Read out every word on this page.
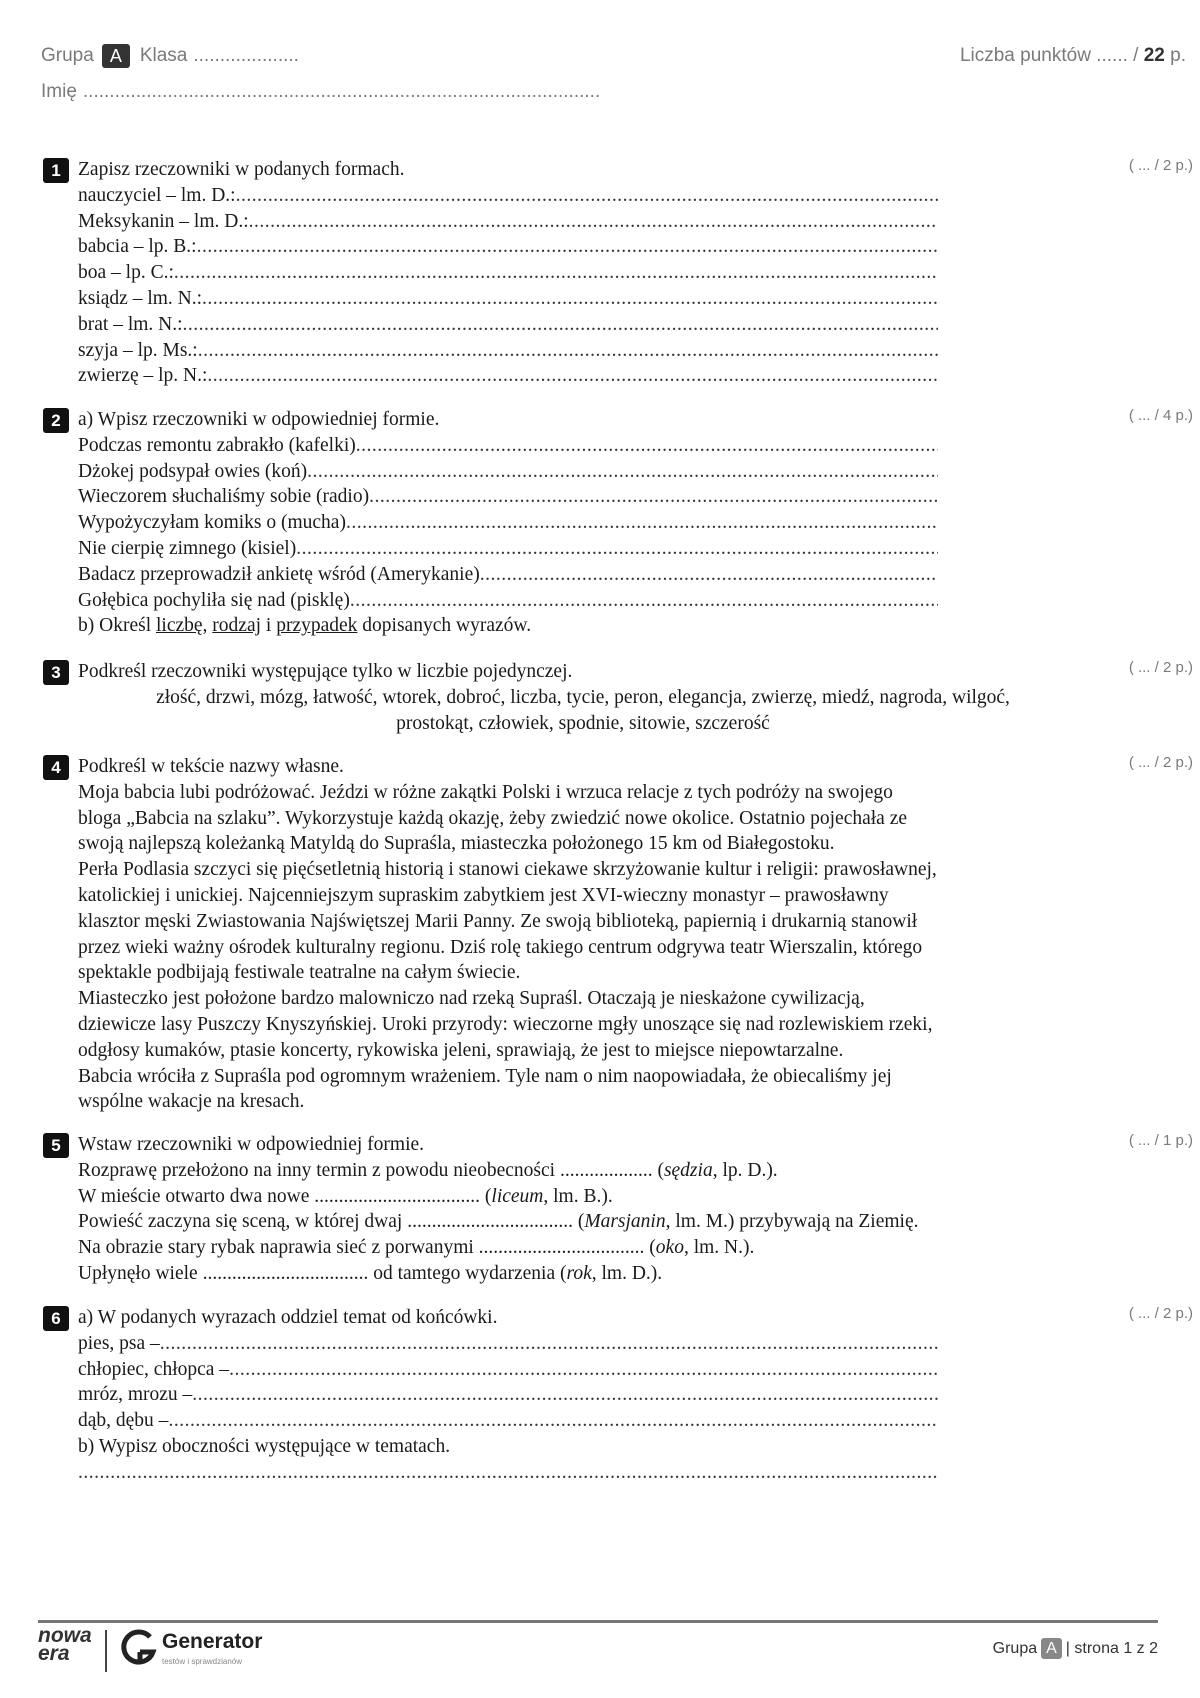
Grupa A Klasa ....................
Imię ..................................................................................................
Liczba punktów ...... / 22 p.
1	( ... / 2 p.)
Zapisz rzeczowniki w podanych formach.
nauczyciel – lm. D.:
.....
Meksykanin – lm. D.:
.....
babcia – lp. B.:
.....
boa – lp. C.:
.....
ksiądz – lm. N.:
.....
brat – lm. N.:
.....
szyja – lp. Ms.:
.....
zwierzę – lp. N.:
.....
2	( ... / 4 p.)
a) Wpisz rzeczowniki w odpowiedniej formie.
Podczas remontu zabrakło (kafelki)
.....
Dżokej podsypał owies (koń)
.....
Wieczorem słuchaliśmy sobie (radio)
.....
Wypożyczyłam komiks o (mucha)
.....
Nie cierpię zimnego (kisiel)
.....
Badacz przeprowadził ankietę wśród (Amerykanie)
.....
Gołębica pochyliła się nad (pisklę)
.....
b) Określ liczbę, rodzaj i przypadek dopisanych wyrazów.
3	( ... / 2 p.)
Podkreśl rzeczowniki występujące tylko w liczbie pojedynczej.
złość, drzwi, mózg, łatwość, wtorek, dobroć, liczba, tycie, peron, elegancja, zwierzę, miedź, nagroda, wilgoć,
prostokąt, człowiek, spodnie, sitowie, szczerość
4	( ... / 2 p.)
Podkreśl w tekście nazwy własne.
Moja babcia lubi podróżować. Jeździ w różne zakątki Polski i wrzuca relacje z tych podróży na swojego
bloga „Babcia na szlaku”. Wykorzystuje każdą okazję, żeby zwiedzić nowe okolice. Ostatnio pojechała ze
swoją najlepszą koleżanką Matyldą do Supraśla, miasteczka położonego 15 km od Białegostoku.
Perła Podlasia szczyci się pięćsetletnią historią i stanowi ciekawe skrzyżowanie kultur i religii: prawosławnej,
katolickiej i unickiej. Najcenniejszym supraskim zabytkiem jest XVI-wieczny monastyr – prawosławny
klasztor męski Zwiastowania Najświętszej Marii Panny. Ze swoją biblioteką, papiernią i drukarnią stanowił
przez wieki ważny ośrodek kulturalny regionu. Dziś rolę takiego centrum odgrywa teatr Wierszalin, którego
spektakle podbijają festiwale teatralne na całym świecie.
Miasteczko jest położone bardzo malowniczo nad rzeką Supraśl. Otaczają je nieskażone cywilizacją,
dziewicze lasy Puszczy Knyszyńskiej. Uroki przyrody: wieczorne mgły unoszące się nad rozlewiskiem rzeki,
odgłosy kumaków, ptasie koncerty, rykowiska jeleni, sprawiają, że jest to miejsce niepowtarzalne.
Babcia wróciła z Supraśla pod ogromnym wrażeniem. Tyle nam o nim naopowiadała, że obiecaliśmy jej
wspólne wakacje na kresach.
5	( ... / 1 p.)
Wstaw rzeczowniki w odpowiedniej formie.
Rozprawę przełożono na inny termin z powodu nieobecności ................... (sędzia, lp. D.).
W mieście otwarto dwa nowe .................................. (liceum, lm. B.).
Powieść zaczyna się sceną, w której dwaj .................................. (Marsjanin, lm. M.) przybywają na Ziemię.
Na obrazie stary rybak naprawia sieć z porwanymi .................................. (oko, lm. N.).
Upłynęło wiele .................................. od tamtego wydarzenia (rok, lm. D.).
6	( ... / 2 p.)
a) W podanych wyrazach oddziel temat od końcówki.
pies, psa –
.....
chłopiec, chłopca –
.....
mróz, mrozu –
.....
dąb, dębu –
.....
b) Wypisz oboczności występujące w tematach.
.....
nowa
era
Generator
testów i sprawdzianów
Grupa A | strona 1 z 2
